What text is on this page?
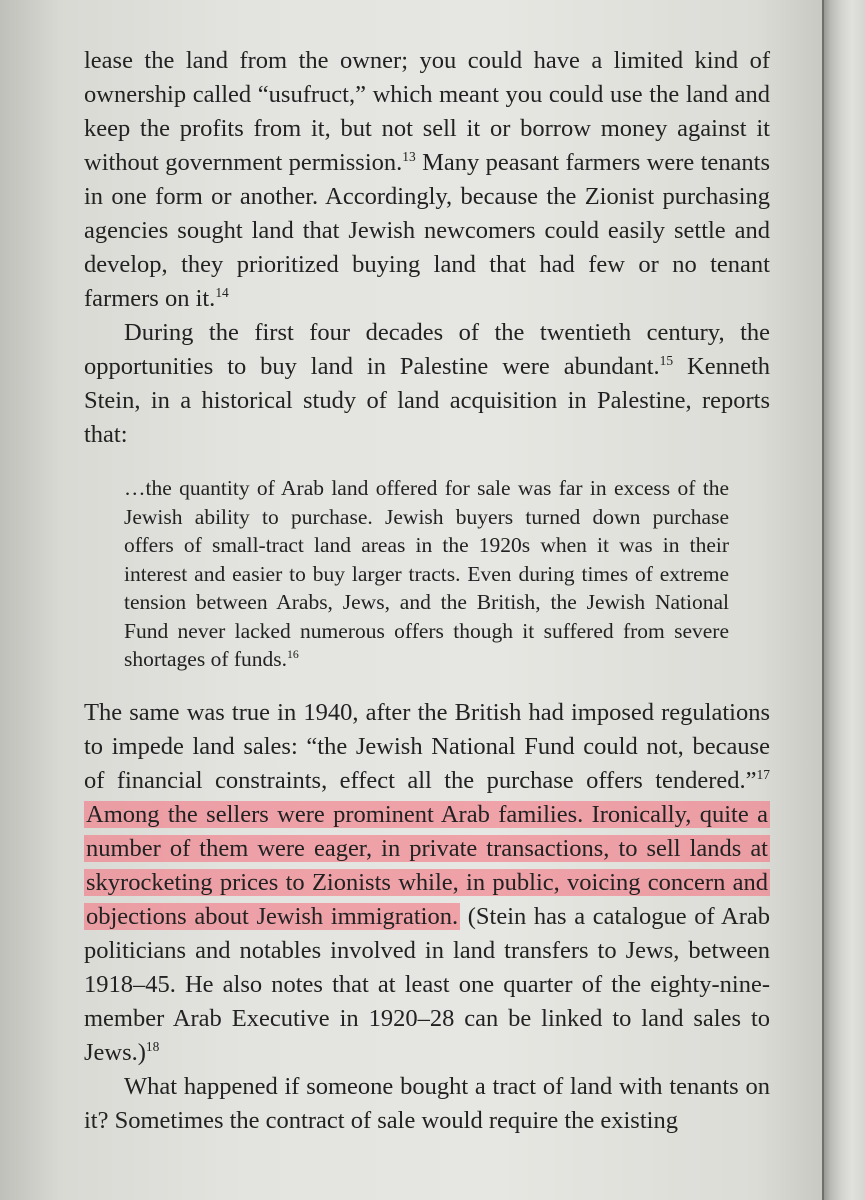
lease the land from the owner; you could have a limited kind of ownership called “usufruct,” which meant you could use the land and keep the profits from it, but not sell it or borrow money against it without government permission.$^{13}$ Many peasant farmers were tenants in one form or another. Accordingly, because the Zionist purchasing agencies sought land that Jewish newcomers could easily settle and develop, they prioritized buying land that had few or no tenant farmers on it.$^{14}$

During the first four decades of the twentieth century, the opportunities to buy land in Palestine were abundant.$^{15}$ Kenneth Stein, in a historical study of land acquisition in Palestine, reports that:

…the quantity of Arab land offered for sale was far in excess of the Jewish ability to purchase. Jewish buyers turned down purchase offers of small-tract land areas in the 1920s when it was in their interest and easier to buy larger tracts. Even during times of extreme tension between Arabs, Jews, and the British, the Jewish National Fund never lacked numerous offers though it suffered from severe shortages of funds.$^{16}$

The same was true in 1940, after the British had imposed regulations to impede land sales: “the Jewish National Fund could not, because of financial constraints, effect all the purchase offers tendered.”$^{17}$ Among the sellers were prominent Arab families. Ironically, quite a number of them were eager, in private transactions, to sell lands at skyrocketing prices to Zionists while, in public, voicing concern and objections about Jewish immigration. (Stein has a catalogue of Arab politicians and notables involved in land transfers to Jews, between 1918–45. He also notes that at least one quarter of the eighty-nine-member Arab Executive in 1920–28 can be linked to land sales to Jews.)$^{18}$

What happened if someone bought a tract of land with tenants on it? Sometimes the contract of sale would require the existing
